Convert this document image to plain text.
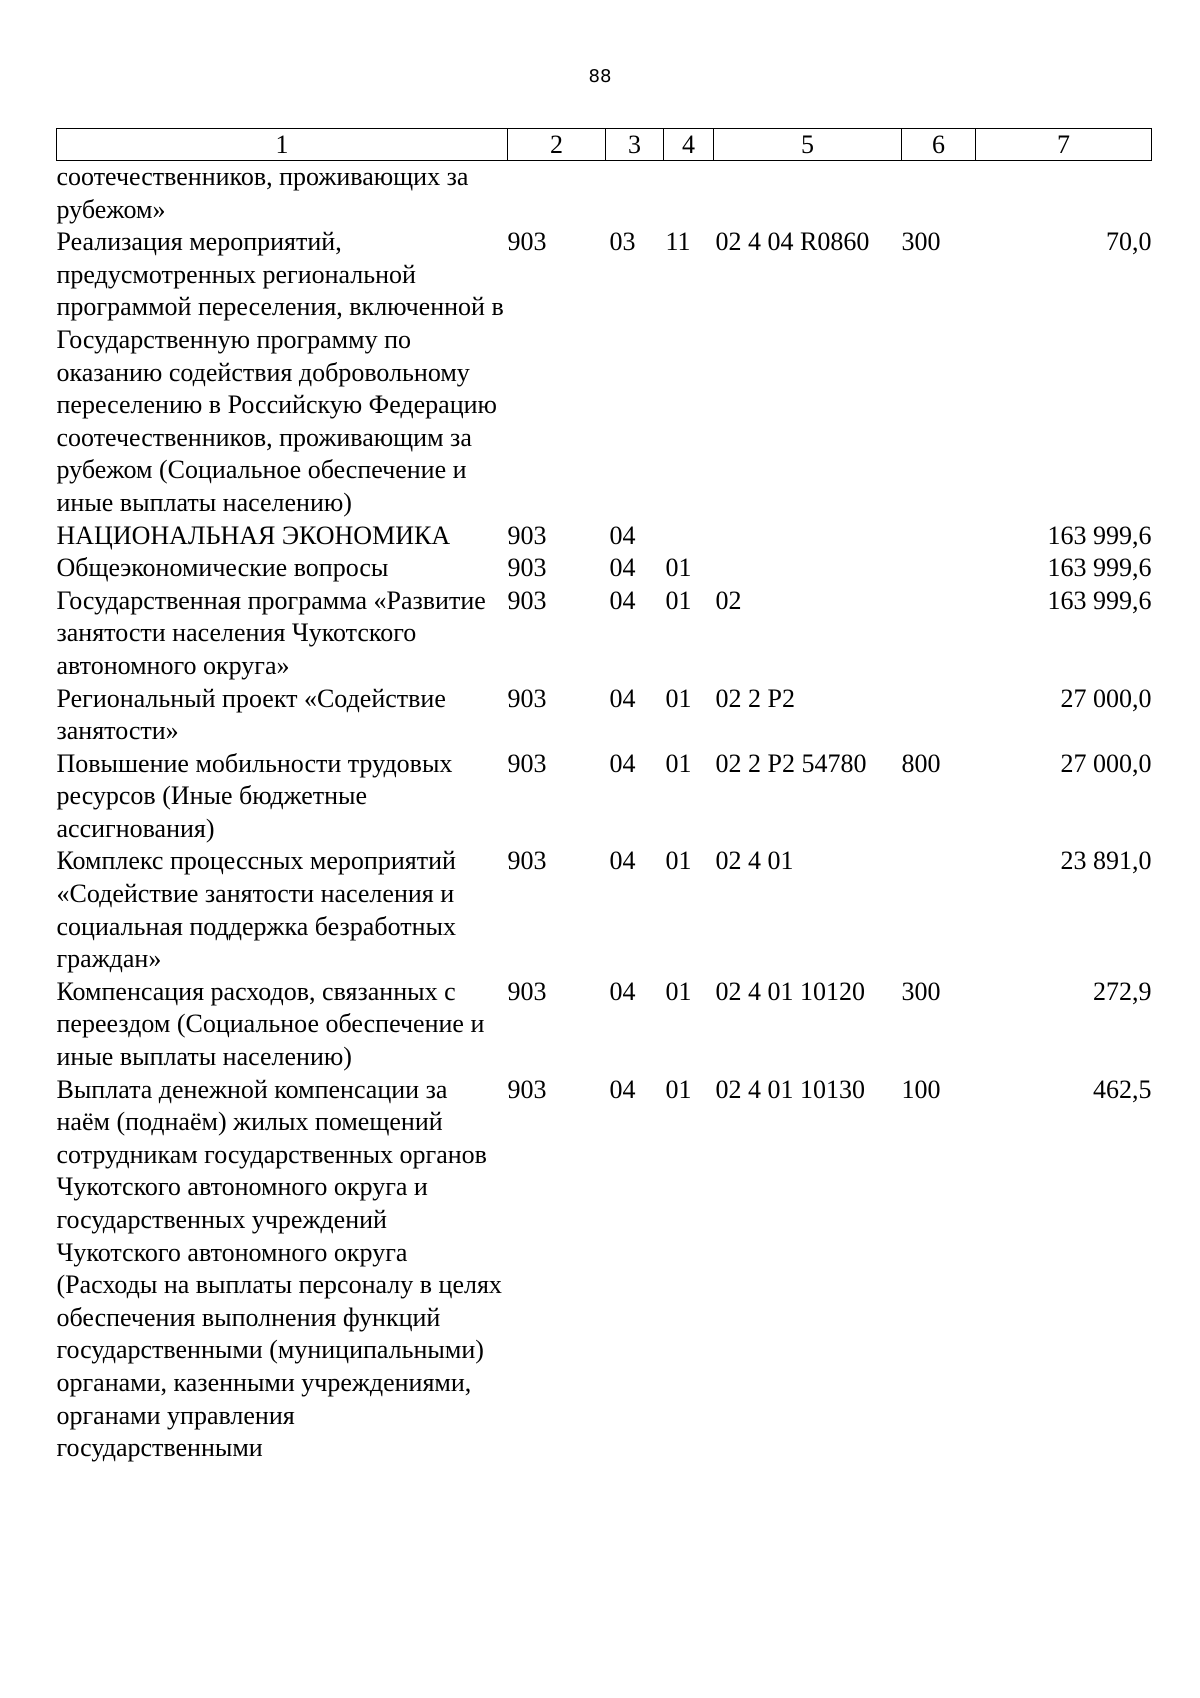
88
1	2	3	4	5	6	7
соотечественников, проживающих за рубежом»						
Реализация мероприятий, предусмотренных региональной программой переселения, включенной в Государственную программу по оказанию содействия добровольному переселению в Российскую Федерацию соотечественников, проживающим за рубежом (Социальное обеспечение и иные выплаты населению)	903	03	11	02 4 04 R0860	300	70,0
НАЦИОНАЛЬНАЯ ЭКОНОМИКА	903	04				163 999,6
Общеэкономические вопросы	903	04	01			163 999,6
Государственная программа «Развитие занятости населения Чукотского автономного округа»	903	04	01	02		163 999,6
Региональный проект «Содействие занятости»	903	04	01	02 2 Р2		27 000,0
Повышение мобильности трудовых ресурсов (Иные бюджетные ассигнования)	903	04	01	02 2 Р2 54780	800	27 000,0
Комплекс процессных мероприятий «Содействие занятости населения и социальная поддержка безработных граждан»	903	04	01	02 4 01		23 891,0
Компенсация расходов, связанных с переездом (Социальное обеспечение и иные выплаты населению)	903	04	01	02 4 01 10120	300	272,9
Выплата денежной компенсации за наём (поднаём) жилых помещений сотрудникам государственных органов Чукотского автономного округа и государственных учреждений Чукотского автономного округа (Расходы на выплаты персоналу в целях обеспечения выполнения функций государственными (муниципальными) органами, казенными учреждениями, органами управления государственными	903	04	01	02 4 01 10130	100	462,5
